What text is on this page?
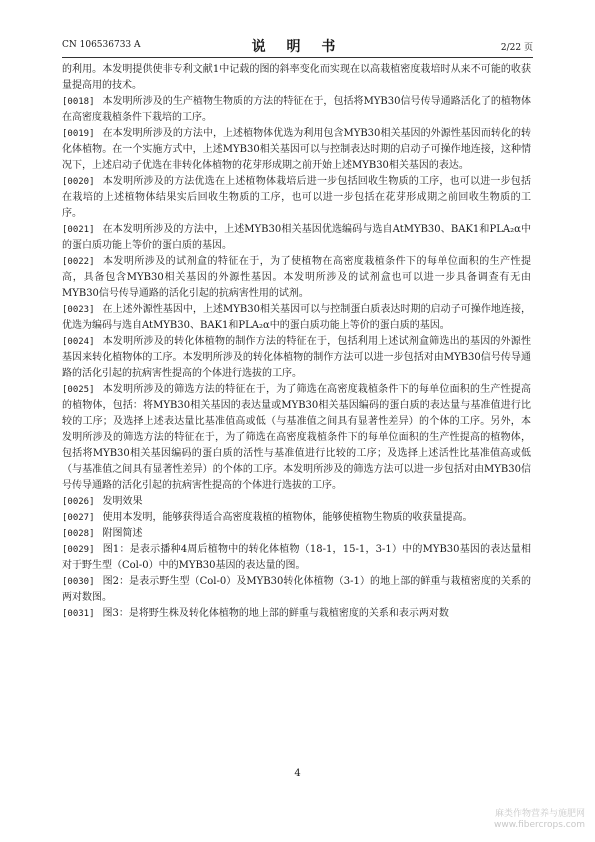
CN 106536733 A	说 明 书	2/22 页

的利用。本发明提供使非专利文献1中记载的图的斜率变化而实现在以高栽植密度栽培时从来不可能的收获量提高用的技术。

[0018] 本发明所涉及的生产植物生物质的方法的特征在于，包括将MYB30信号传导通路活化了的植物体在高密度栽植条件下栽培的工序。

[0019] 在本发明所涉及的方法中，上述植物体优选为利用包含MYB30相关基因的外源性基因而转化的转化体植物。在一个实施方式中，上述MYB30相关基因可以与控制表达时期的启动子可操作地连接，这种情况下，上述启动子优选在非转化体植物的花芽形成期之前开始上述MYB30相关基因的表达。

[0020] 本发明所涉及的方法优选在上述植物体栽培后进一步包括回收生物质的工序，也可以进一步包括在栽培的上述植物体结果实后回收生物质的工序，也可以进一步包括在花芽形成期之前回收生物质的工序。

[0021] 在本发明所涉及的方法中，上述MYB30相关基因优选编码与选自AtMYB30、BAK1和PLA₂α中的蛋白质功能上等价的蛋白质的基因。

[0022] 本发明所涉及的试剂盒的特征在于，为了使植物在高密度栽植条件下的每单位面积的生产性提高，具备包含MYB30相关基因的外源性基因。本发明所涉及的试剂盒也可以进一步具备调查有无由MYB30信号传导通路的活化引起的抗病害性用的试剂。

[0023] 在上述外源性基因中，上述MYB30相关基因可以与控制蛋白质表达时期的启动子可操作地连接，优选为编码与选自AtMYB30、BAK1和PLA₂α中的蛋白质功能上等价的蛋白质的基因。

[0024] 本发明所涉及的转化体植物的制作方法的特征在于，包括利用上述试剂盒筛选出的基因的外源性基因来转化植物体的工序。本发明所涉及的转化体植物的制作方法可以进一步包括对由MYB30信号传导通路的活化引起的抗病害性提高的个体进行选拔的工序。

[0025] 本发明所涉及的筛选方法的特征在于，为了筛选在高密度栽植条件下的每单位面积的生产性提高的植物体，包括：将MYB30相关基因的表达量或MYB30相关基因编码的蛋白质的表达量与基准值进行比较的工序；及选择上述表达量比基准值高或低（与基准值之间具有显著性差异）的个体的工序。另外，本发明所涉及的筛选方法的特征在于，为了筛选在高密度栽植条件下的每单位面积的生产性提高的植物体，包括将MYB30相关基因编码的蛋白质的活性与基准值进行比较的工序；及选择上述活性比基准值高或低（与基准值之间具有显著性差异）的个体的工序。本发明所涉及的筛选方法可以进一步包括对由MYB30信号传导通路的活化引起的抗病害性提高的个体进行选拔的工序。

[0026] 发明效果

[0027] 使用本发明，能够获得适合高密度栽植的植物体，能够使植物生物质的收获量提高。

[0028] 附图简述

[0029] 图1：是表示播种4周后植物中的转化体植物（18-1，15-1，3-1）中的MYB30基因的表达量相对于野生型（Col-0）中的MYB30基因的表达量的图。

[0030] 图2：是表示野生型（Col-0）及MYB30转化体植物（3-1）的地上部的鲜重与栽植密度的关系的两对数图。

[0031] 图3：是将野生株及转化体植物的地上部的鲜重与栽植密度的关系和表示两对数

4
麻类作物营养与施肥网
www.fibercrops.com
